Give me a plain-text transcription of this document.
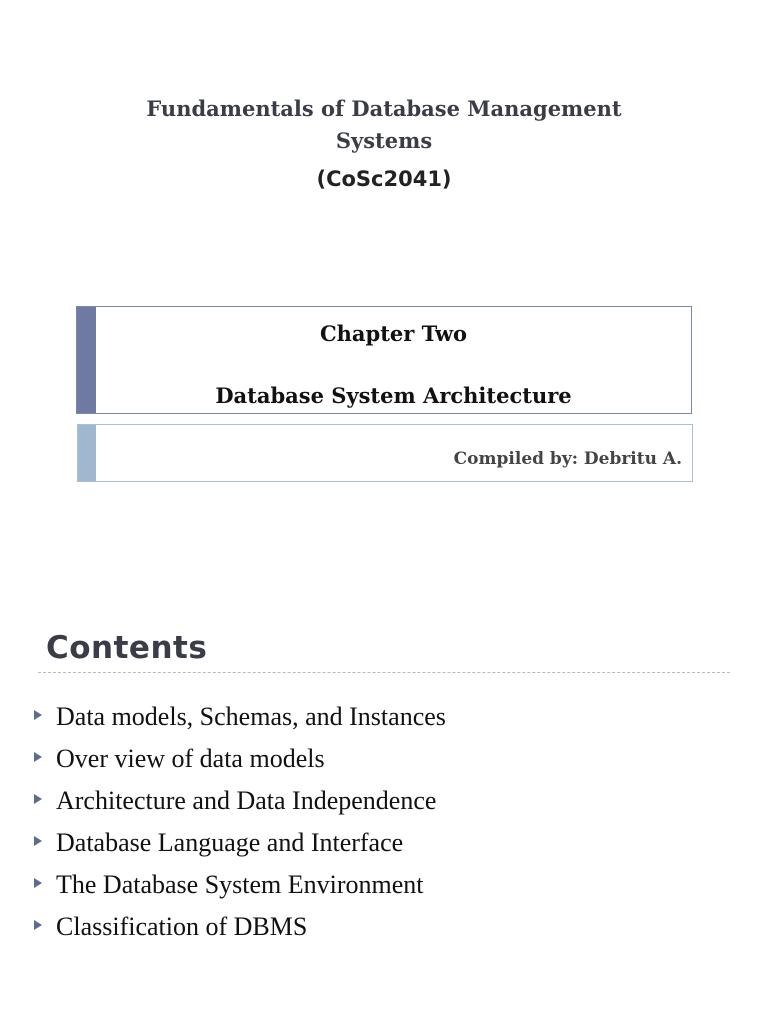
Fundamentals of Database Management
Systems
(CoSc2041)
Chapter Two
Database System Architecture
Compiled by: Debritu A.
Contents
Data models, Schemas, and Instances
Over view of data models
Architecture and Data Independence
Database Language and Interface
The Database System Environment
Classification of DBMS
